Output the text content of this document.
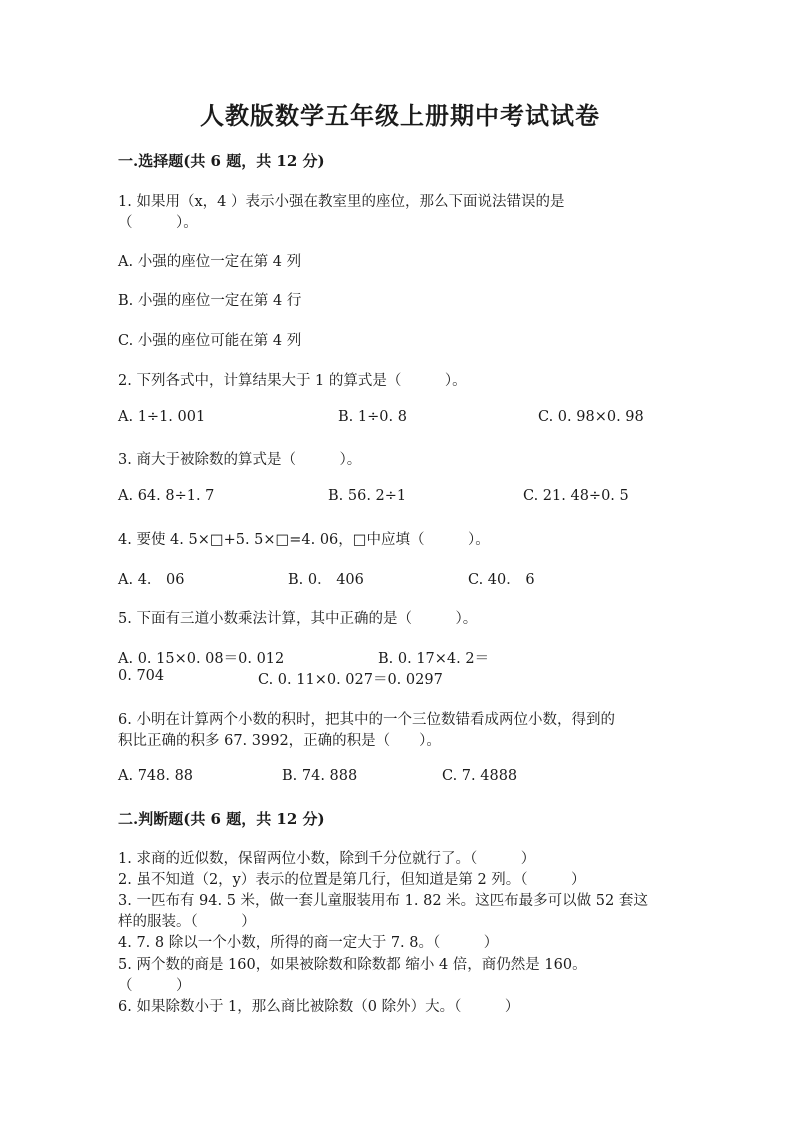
人教版数学五年级上册期中考试试卷
一.选择题(共 6 题，共 12 分)
1. 如果用（x，4 ）表示小强在教室里的座位，那么下面说法错误的是
（　　　）。
A. 小强的座位一定在第 4 列
B. 小强的座位一定在第 4 行
C. 小强的座位可能在第 4 列
2. 下列各式中，计算结果大于 1 的算式是（　　　）。
A. 1÷1. 001	B. 1÷0. 8	C. 0. 98×0. 98
3. 商大于被除数的算式是（　　　）。
A. 64. 8÷1. 7	B. 56. 2÷1	C. 21. 48÷0. 5
4. 要使 4. 5×□+5. 5×□=4. 06，□中应填（　　　）。
A. 4． 06	B. 0． 406	C. 40． 6
5. 下面有三道小数乘法计算，其中正确的是（　　　）。
A. 0. 15×0. 08＝0. 012	B. 0. 17×4. 2＝
0. 704	C. 0. 11×0. 027＝0. 0297
6. 小明在计算两个小数的积时，把其中的一个三位数错看成两位小数，得到的
积比正确的积多 67. 3992，正确的积是（　　）。
A. 748. 88	B. 74. 888	C. 7. 4888
二.判断题(共 6 题，共 12 分)
1. 求商的近似数，保留两位小数，除到千分位就行了。（　　　）
2. 虽不知道（2，y）表示的位置是第几行，但知道是第 2 列。（　　　）
3. 一匹布有 94. 5 米，做一套儿童服装用布 1. 82 米。这匹布最多可以做 52 套这
样的服装。（　　　）
4. 7. 8 除以一个小数，所得的商一定大于 7. 8。（　　　）
5. 两个数的商是 160，如果被除数和除数都 缩小 4 倍，商仍然是 160。
（　　　）
6. 如果除数小于 1，那么商比被除数（0 除外）大。（　　　）
